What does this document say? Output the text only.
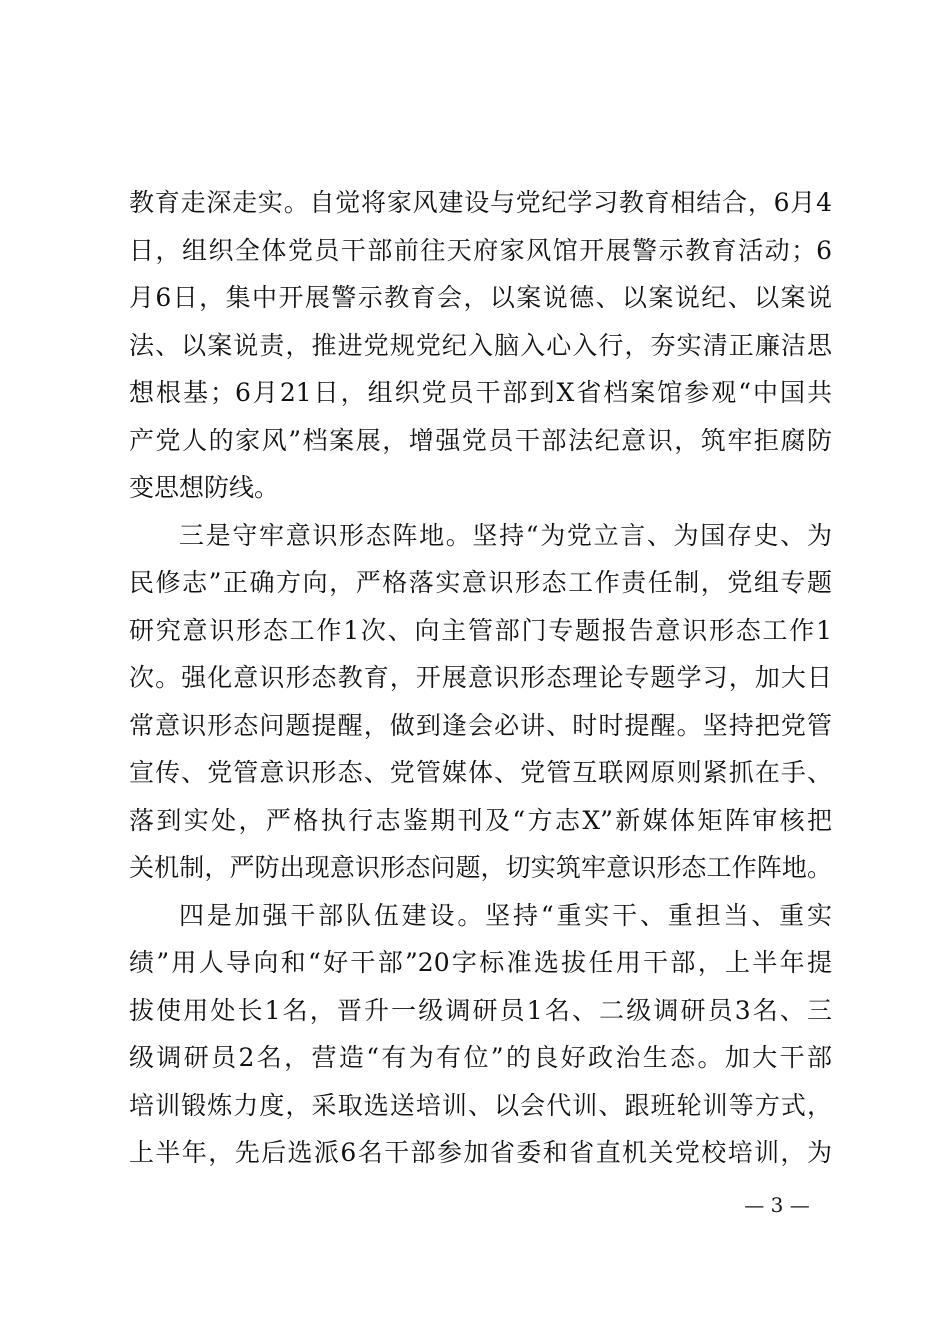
教育走深走实。自觉将家风建设与党纪学习教育相结合，6月4
日，组织全体党员干部前往天府家风馆开展警示教育活动；6
月6日，集中开展警示教育会，以案说德、以案说纪、以案说
法、以案说责，推进党规党纪入脑入心入行，夯实清正廉洁思
想根基；6月21日，组织党员干部到X省档案馆参观“中国共
产党人的家风”档案展，增强党员干部法纪意识，筑牢拒腐防
变思想防线。
三是守牢意识形态阵地。坚持“为党立言、为国存史、为
民修志”正确方向，严格落实意识形态工作责任制，党组专题
研究意识形态工作1次、向主管部门专题报告意识形态工作1
次。强化意识形态教育，开展意识形态理论专题学习，加大日
常意识形态问题提醒，做到逢会必讲、时时提醒。坚持把党管
宣传、党管意识形态、党管媒体、党管互联网原则紧抓在手、
落到实处，严格执行志鉴期刊及“方志X”新媒体矩阵审核把
关机制，严防出现意识形态问题，切实筑牢意识形态工作阵地。
四是加强干部队伍建设。坚持“重实干、重担当、重实
绩”用人导向和“好干部”20字标准选拔任用干部，上半年提
拔使用处长1名，晋升一级调研员1名、二级调研员3名、三
级调研员2名，营造“有为有位”的良好政治生态。加大干部
培训锻炼力度，采取选送培训、以会代训、跟班轮训等方式，
上半年，先后选派6名干部参加省委和省直机关党校培训，为
— 3 —
